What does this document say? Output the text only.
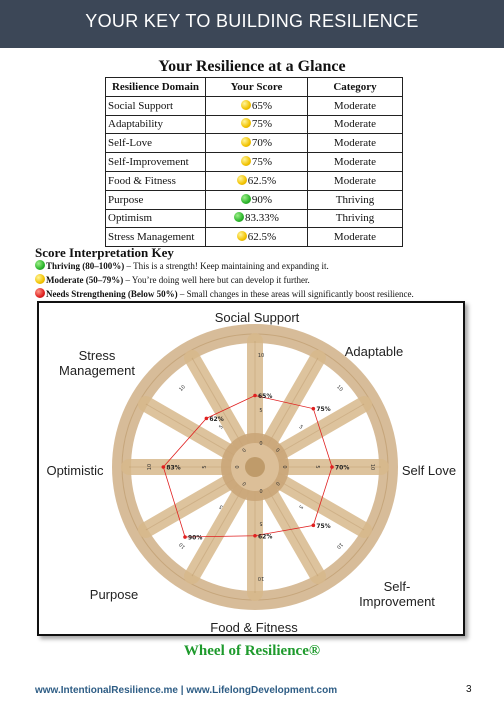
YOUR KEY TO BUILDING RESILIENCE
Your Resilience at a Glance
Resilience Domain	Your Score	Category
Social Support	65%	Moderate
Adaptability	75%	Moderate
Self-Love	70%	Moderate
Self-Improvement	75%	Moderate
Food & Fitness	62.5%	Moderate
Purpose	90%	Thriving
Optimism	83.33%	Thriving
Stress Management	62.5%	Moderate
Score Interpretation Key
Thriving (80–100%) – This is a strength! Keep maintaining and expanding it.
Moderate (50–79%) – You’re doing well here but can develop it further.
Needs Strengthening (Below 50%) – Small changes in these areas will significantly boost resilience.
0
5
10
0
5
10
0	5	10
0
5
10
0
5
10
0
5
10
0
5
10
0
5
10
65%
75%
70%
75%
62%
90%
83%
62%
Social Support
Adaptable
Self Love
Self-
Improvement
Food & Fitness
Purpose
Optimistic
Stress
Management
Wheel of Resilience®
www.IntentionalResilience.me | www.LifelongDevelopment.com	3
